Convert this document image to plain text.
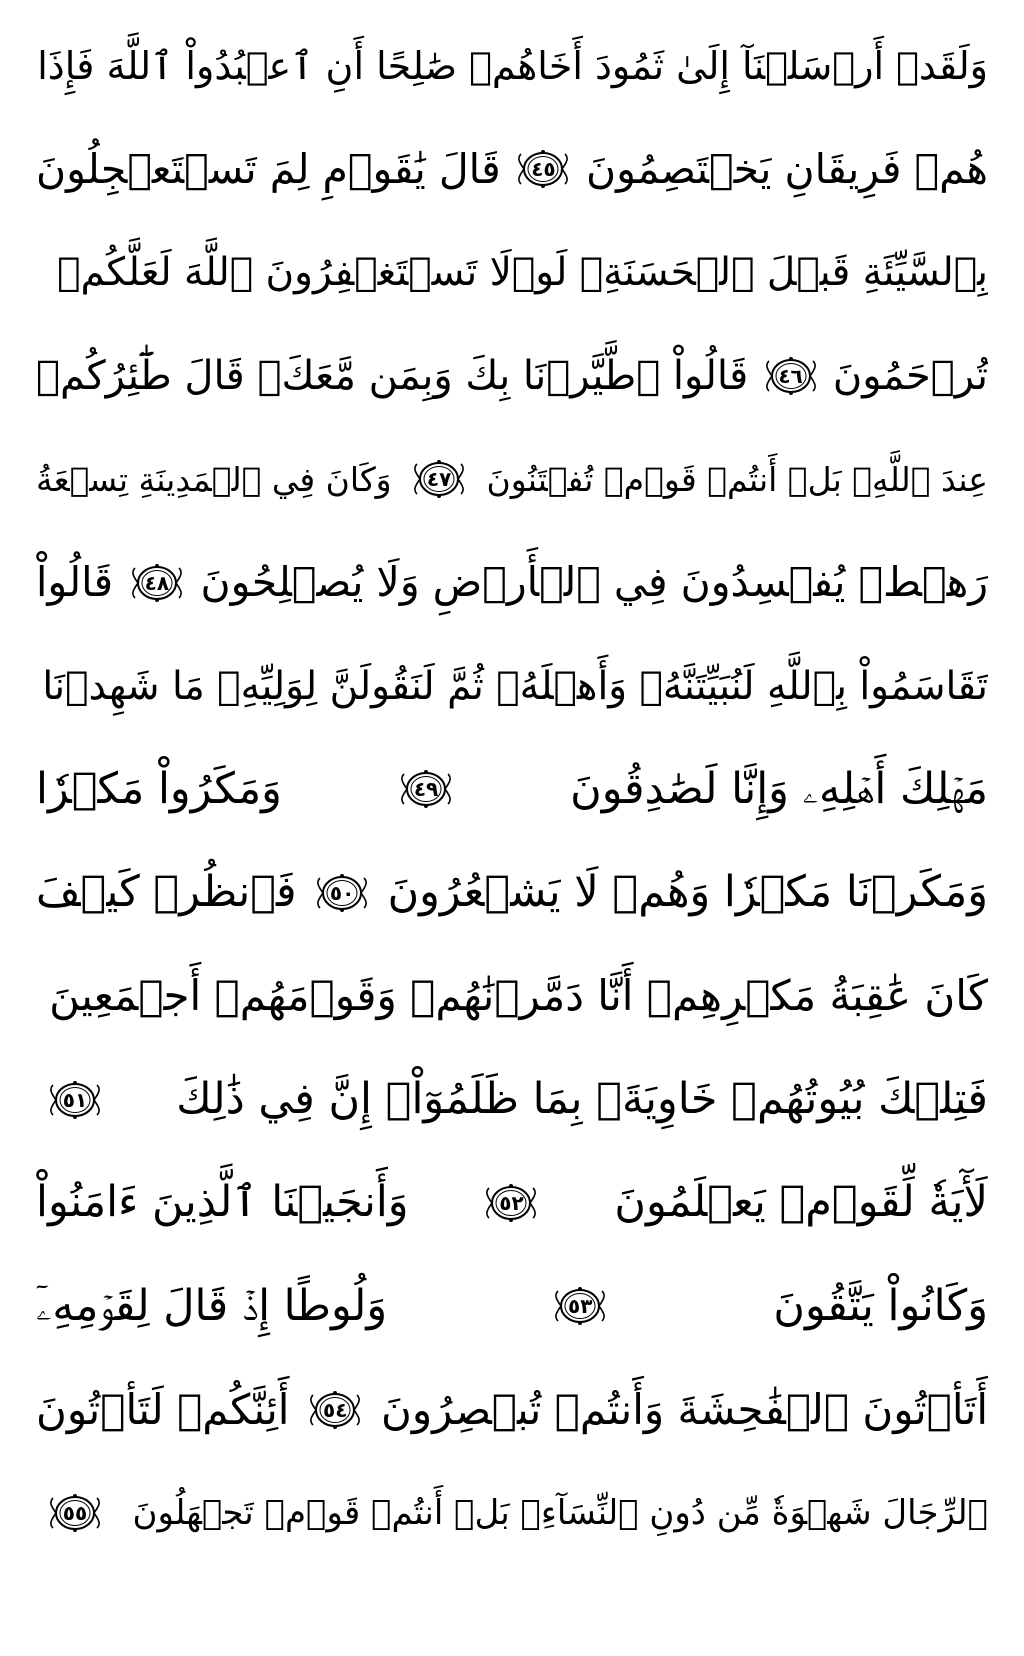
وَلَقَدۡ أَرۡسَلۡنَآ إِلَىٰ ثَمُودَ أَخَاهُمۡ صَٰلِحًا أَنِ ٱعۡبُدُواْ ٱللَّهَ فَإِذَا
هُمۡ فَرِيقَانِ يَخۡتَصِمُونَ
٤٥
قَالَ يَٰقَوۡمِ لِمَ تَسۡتَعۡجِلُونَ
بِٱلسَّيِّئَةِ قَبۡلَ ٱلۡحَسَنَةِۖ لَوۡلَا تَسۡتَغۡفِرُونَ ٱللَّهَ لَعَلَّكُمۡ
تُرۡحَمُونَ
٤٦
قَالُواْ ٱطَّيَّرۡنَا بِكَ وَبِمَن مَّعَكَۚ قَالَ طَٰٓئِرُكُمۡ
عِندَ ٱللَّهِۖ بَلۡ أَنتُمۡ قَوۡمٞ تُفۡتَنُونَ
٤٧
وَكَانَ فِي ٱلۡمَدِينَةِ تِسۡعَةُ
رَهۡطٖ يُفۡسِدُونَ فِي ٱلۡأَرۡضِ وَلَا يُصۡلِحُونَ
٤٨
قَالُواْ
تَقَاسَمُواْ بِٱللَّهِ لَنُبَيِّتَنَّهُۥ وَأَهۡلَهُۥ ثُمَّ لَنَقُولَنَّ لِوَلِيِّهِۦ مَا شَهِدۡنَا
مَهۡلِكَ أَهۡلِهِۦ وَإِنَّا لَصَٰدِقُونَ
٤٩
وَمَكَرُواْ مَكۡرٗا
وَمَكَرۡنَا مَكۡرٗا وَهُمۡ لَا يَشۡعُرُونَ
٥٠
فَٱنظُرۡ كَيۡفَ
كَانَ عَٰقِبَةُ مَكۡرِهِمۡ أَنَّا دَمَّرۡنَٰهُمۡ وَقَوۡمَهُمۡ أَجۡمَعِينَ
فَتِلۡكَ بُيُوتُهُمۡ خَاوِيَةَۢ بِمَا ظَلَمُوٓاْۚ إِنَّ فِي ذَٰلِكَ
٥١
لَأٓيَةٗ لِّقَوۡمٖ يَعۡلَمُونَ
٥٢
وَأَنجَيۡنَا ٱلَّذِينَ ءَامَنُواْ
وَكَانُواْ يَتَّقُونَ
٥٣
وَلُوطًا إِذۡ قَالَ لِقَوۡمِهِۦٓ
أَتَأۡتُونَ ٱلۡفَٰحِشَةَ وَأَنتُمۡ تُبۡصِرُونَ
٥٤
أَئِنَّكُمۡ لَتَأۡتُونَ
ٱلرِّجَالَ شَهۡوَةٗ مِّن دُونِ ٱلنِّسَآءِۚ بَلۡ أَنتُمۡ قَوۡمٞ تَجۡهَلُونَ
٥٥
